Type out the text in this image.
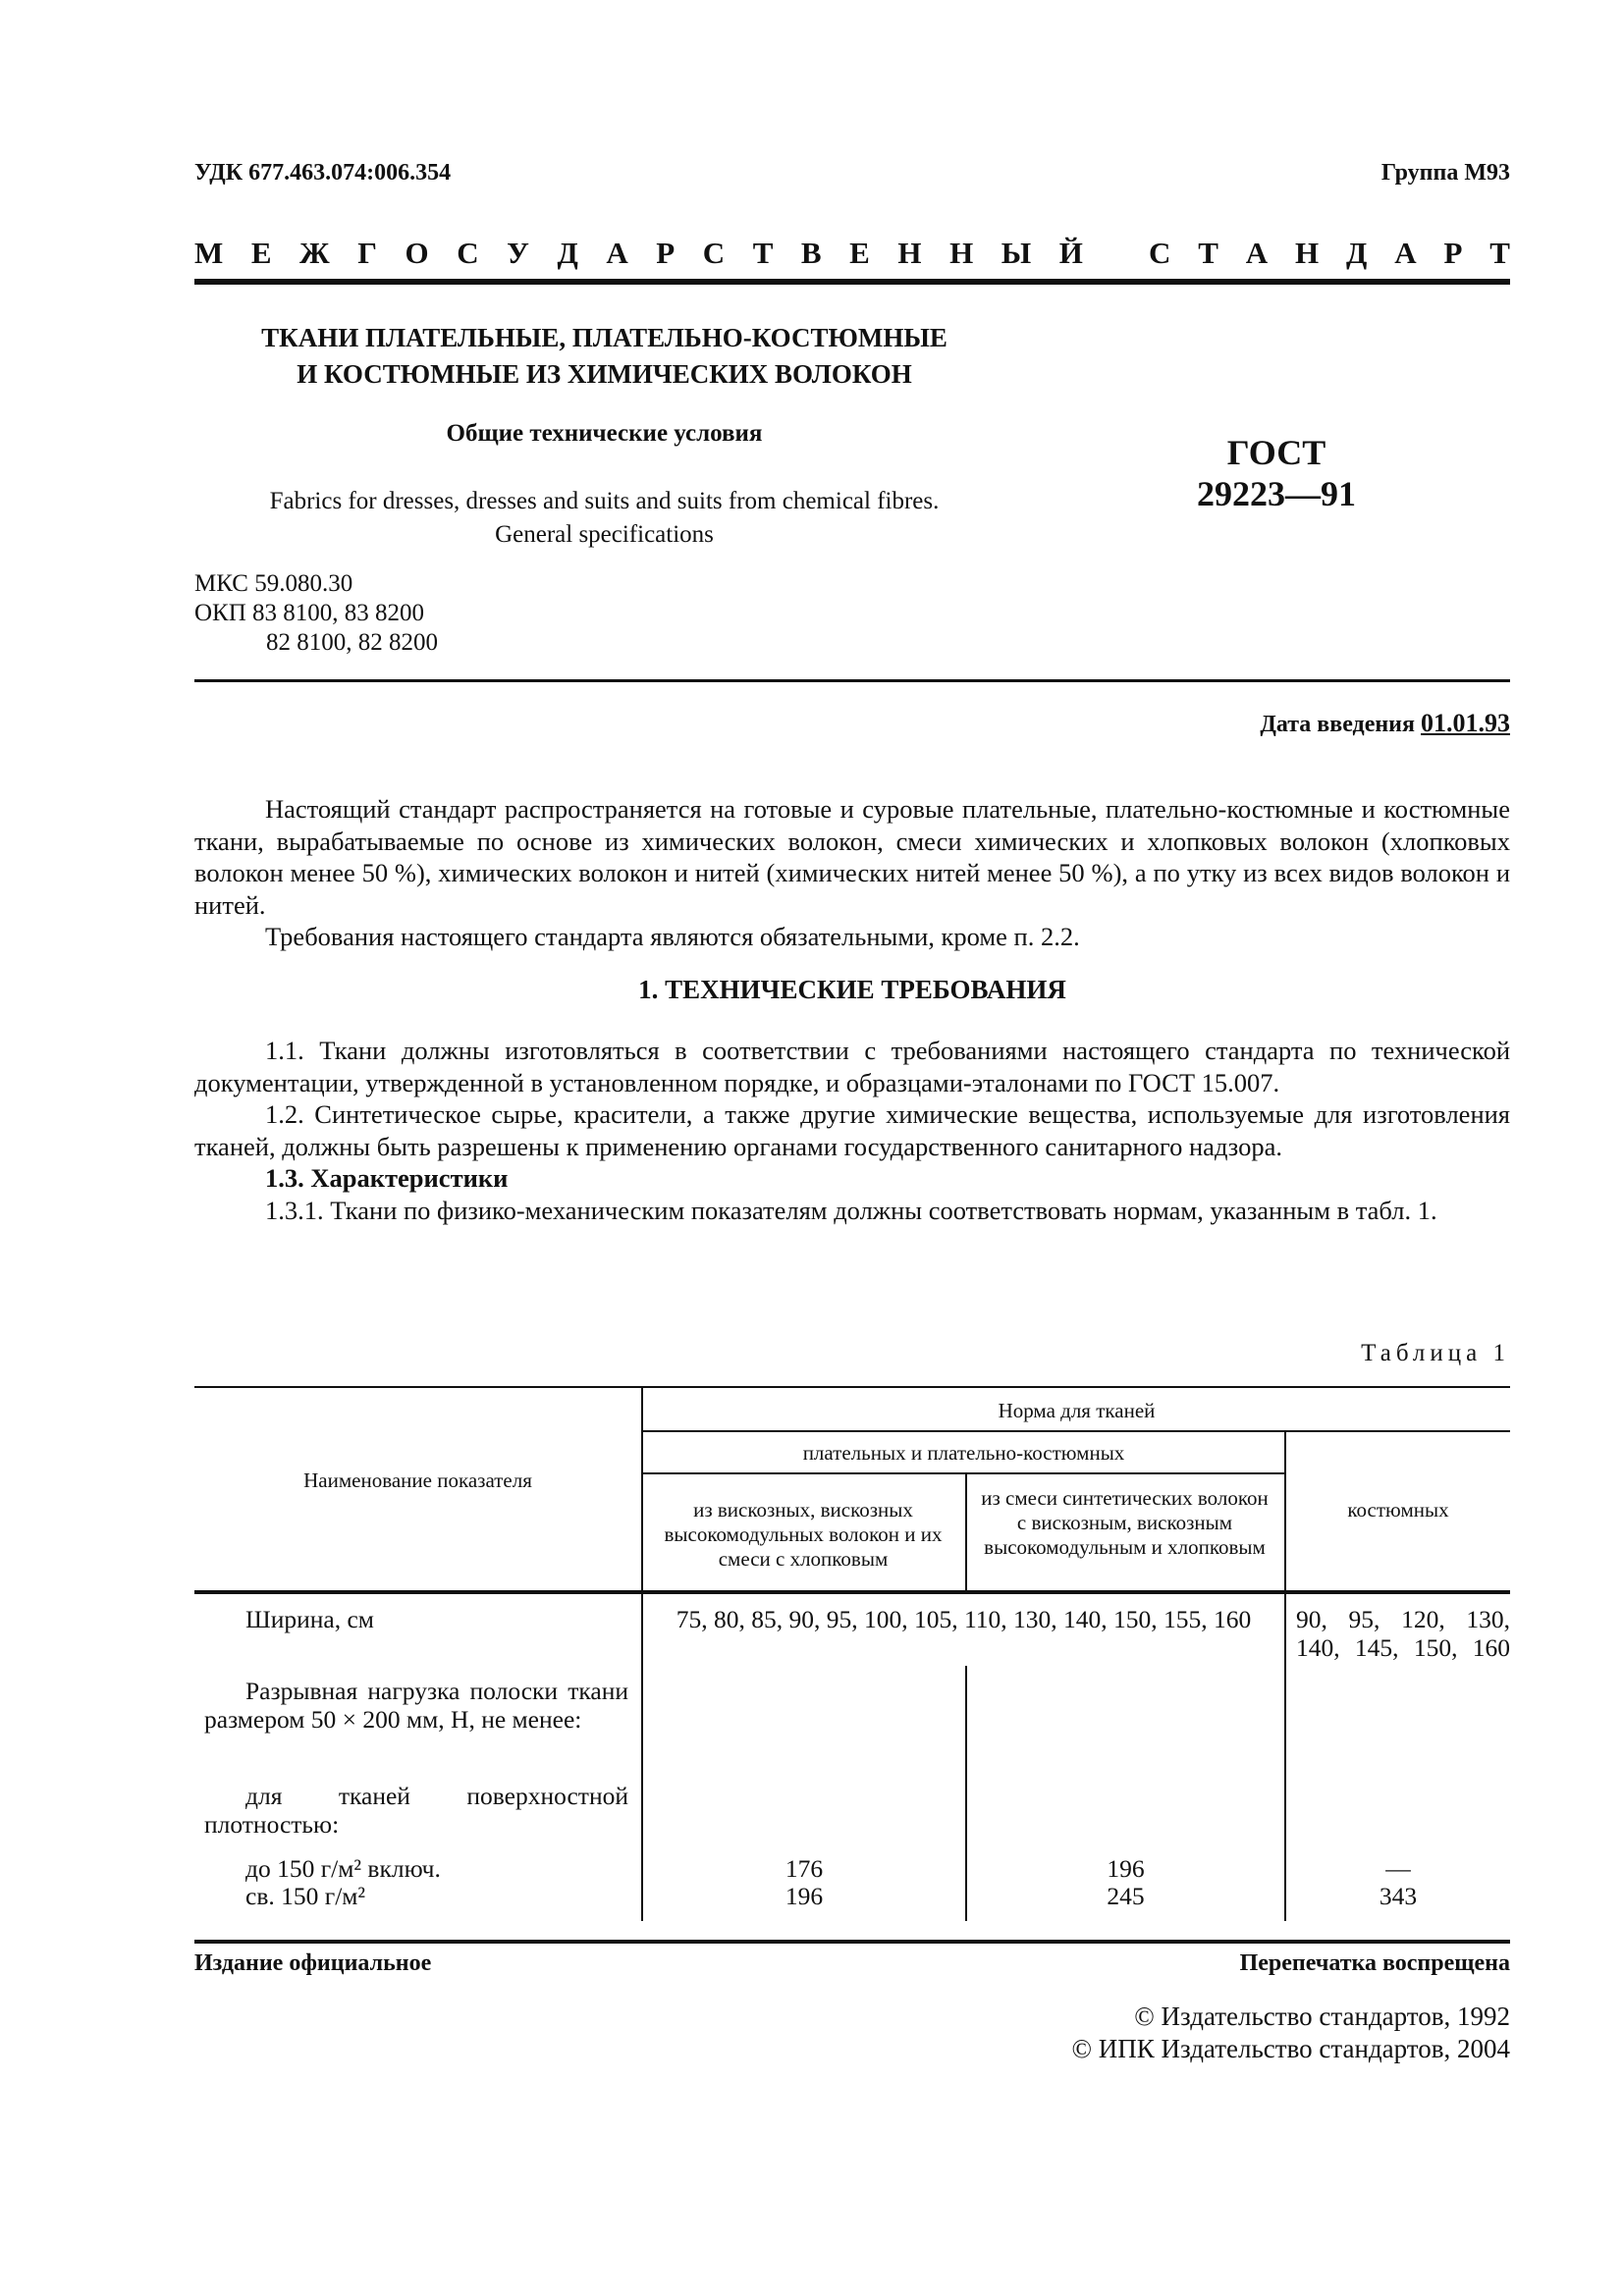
УДК 677.463.074:006.354	Группа М93
М Е Ж Г О С У Д А Р С Т В Е Н Н Ы Й С Т А Н Д А Р Т
ТКАНИ ПЛАТЕЛЬНЫЕ, ПЛАТЕЛЬНО-КОСТЮМНЫЕ
И КОСТЮМНЫЕ ИЗ ХИМИЧЕСКИХ ВОЛОКОН
Общие технические условия
Fabrics for dresses, dresses and suits and suits from chemical fibres.
General specifications
ГОСТ
29223—91
МКС 59.080.30
ОКП 83 8100, 83 8200
82 8100, 82 8200
Дата введения 01.01.93

Настоящий стандарт распространяется на готовые и суровые плательные, плательно-костюмные и костюмные ткани, вырабатываемые по основе из химических волокон, смеси химических и хлопковых волокон (хлопковых волокон менее 50 %), химических волокон и нитей (химических нитей менее 50 %), а по утку из всех видов волокон и нитей.

Требования настоящего стандарта являются обязательными, кроме п. 2.2.

1. ТЕХНИЧЕСКИЕ ТРЕБОВАНИЯ

1.1. Ткани должны изготовляться в соответствии с требованиями настоящего стандарта по технической документации, утвержденной в установленном порядке, и образцами-эталонами по ГОСТ 15.007.

1.2. Синтетическое сырье, красители, а также другие химические вещества, используемые для изготовления тканей, должны быть разрешены к применению органами государственного санитарного надзора.

1.3. Характеристики

1.3.1. Ткани по физико-механическим показателям должны соответствовать нормам, указанным в табл. 1.

Таблица 1
Наименование показателя
Норма для тканей
плательных и плательно-костюмных
из вискозных, вискозных высокомодульных волокон и их смеси с хлопковым
из смеси синтетических волокон с вискозным, вискозным высокомодульным и хлопковым
костюмных
Ширина, см	75, 80, 85, 90, 95, 100, 105, 110, 130, 140, 150, 155, 160	90, 95, 120, 130,
140, 145, 150, 160
Разрывная нагрузка полоски ткани размером 50 × 200 мм, Н, не менее:
для тканей поверхностной плотностью:
до 150 г/м² включ.	176	196	—
св. 150 г/м²	196	245	343
Издание официальное	Перепечатка воспрещена
© Издательство стандартов, 1992
© ИПК Издательство стандартов, 2004
